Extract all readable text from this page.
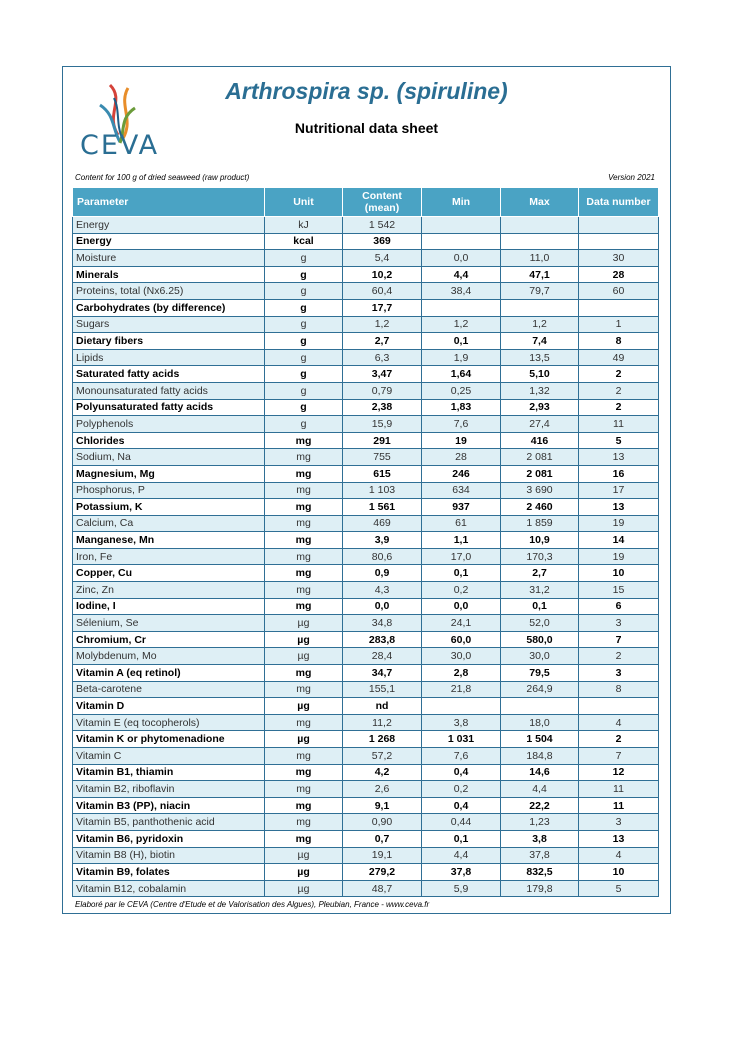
CEVA
Arthrospira sp. (spiruline)
Nutritional data sheet
Content for 100 g of dried seaweed (raw product)	Version 2021
Parameter	Unit	Content (mean)	Min	Max	Data number
Energy	kJ	1 542			
Energy	kcal	369			
Moisture	g	5,4	0,0	11,0	30
Minerals	g	10,2	4,4	47,1	28
Proteins, total (Nx6.25)	g	60,4	38,4	79,7	60
Carbohydrates (by difference)	g	17,7			
Sugars	g	1,2	1,2	1,2	1
Dietary fibers	g	2,7	0,1	7,4	8
Lipids	g	6,3	1,9	13,5	49
Saturated fatty acids	g	3,47	1,64	5,10	2
Monounsaturated fatty acids	g	0,79	0,25	1,32	2
Polyunsaturated fatty acids	g	2,38	1,83	2,93	2
Polyphenols	g	15,9	7,6	27,4	11
Chlorides	mg	291	19	416	5
Sodium, Na	mg	755	28	2 081	13
Magnesium, Mg	mg	615	246	2 081	16
Phosphorus, P	mg	1 103	634	3 690	17
Potassium, K	mg	1 561	937	2 460	13
Calcium, Ca	mg	469	61	1 859	19
Manganese, Mn	mg	3,9	1,1	10,9	14
Iron, Fe	mg	80,6	17,0	170,3	19
Copper, Cu	mg	0,9	0,1	2,7	10
Zinc, Zn	mg	4,3	0,2	31,2	15
Iodine, I	mg	0,0	0,0	0,1	6
Sélenium, Se	µg	34,8	24,1	52,0	3
Chromium, Cr	µg	283,8	60,0	580,0	7
Molybdenum, Mo	µg	28,4	30,0	30,0	2
Vitamin A (eq retinol)	mg	34,7	2,8	79,5	3
Beta-carotene	mg	155,1	21,8	264,9	8
Vitamin D	µg	nd			
Vitamin E (eq tocopherols)	mg	11,2	3,8	18,0	4
Vitamin K or phytomenadione	µg	1 268	1 031	1 504	2
Vitamin C	mg	57,2	7,6	184,8	7
Vitamin B1, thiamin	mg	4,2	0,4	14,6	12
Vitamin B2, riboflavin	mg	2,6	0,2	4,4	11
Vitamin B3 (PP), niacin	mg	9,1	0,4	22,2	11
Vitamin B5, panthothenic acid	mg	0,90	0,44	1,23	3
Vitamin B6, pyridoxin	mg	0,7	0,1	3,8	13
Vitamin B8 (H), biotin	µg	19,1	4,4	37,8	4
Vitamin B9, folates	µg	279,2	37,8	832,5	10
Vitamin B12, cobalamin	µg	48,7	5,9	179,8	5
Elaboré par le CEVA (Centre d'Etude et de Valorisation des Algues), Pleubian, France - www.ceva.fr
